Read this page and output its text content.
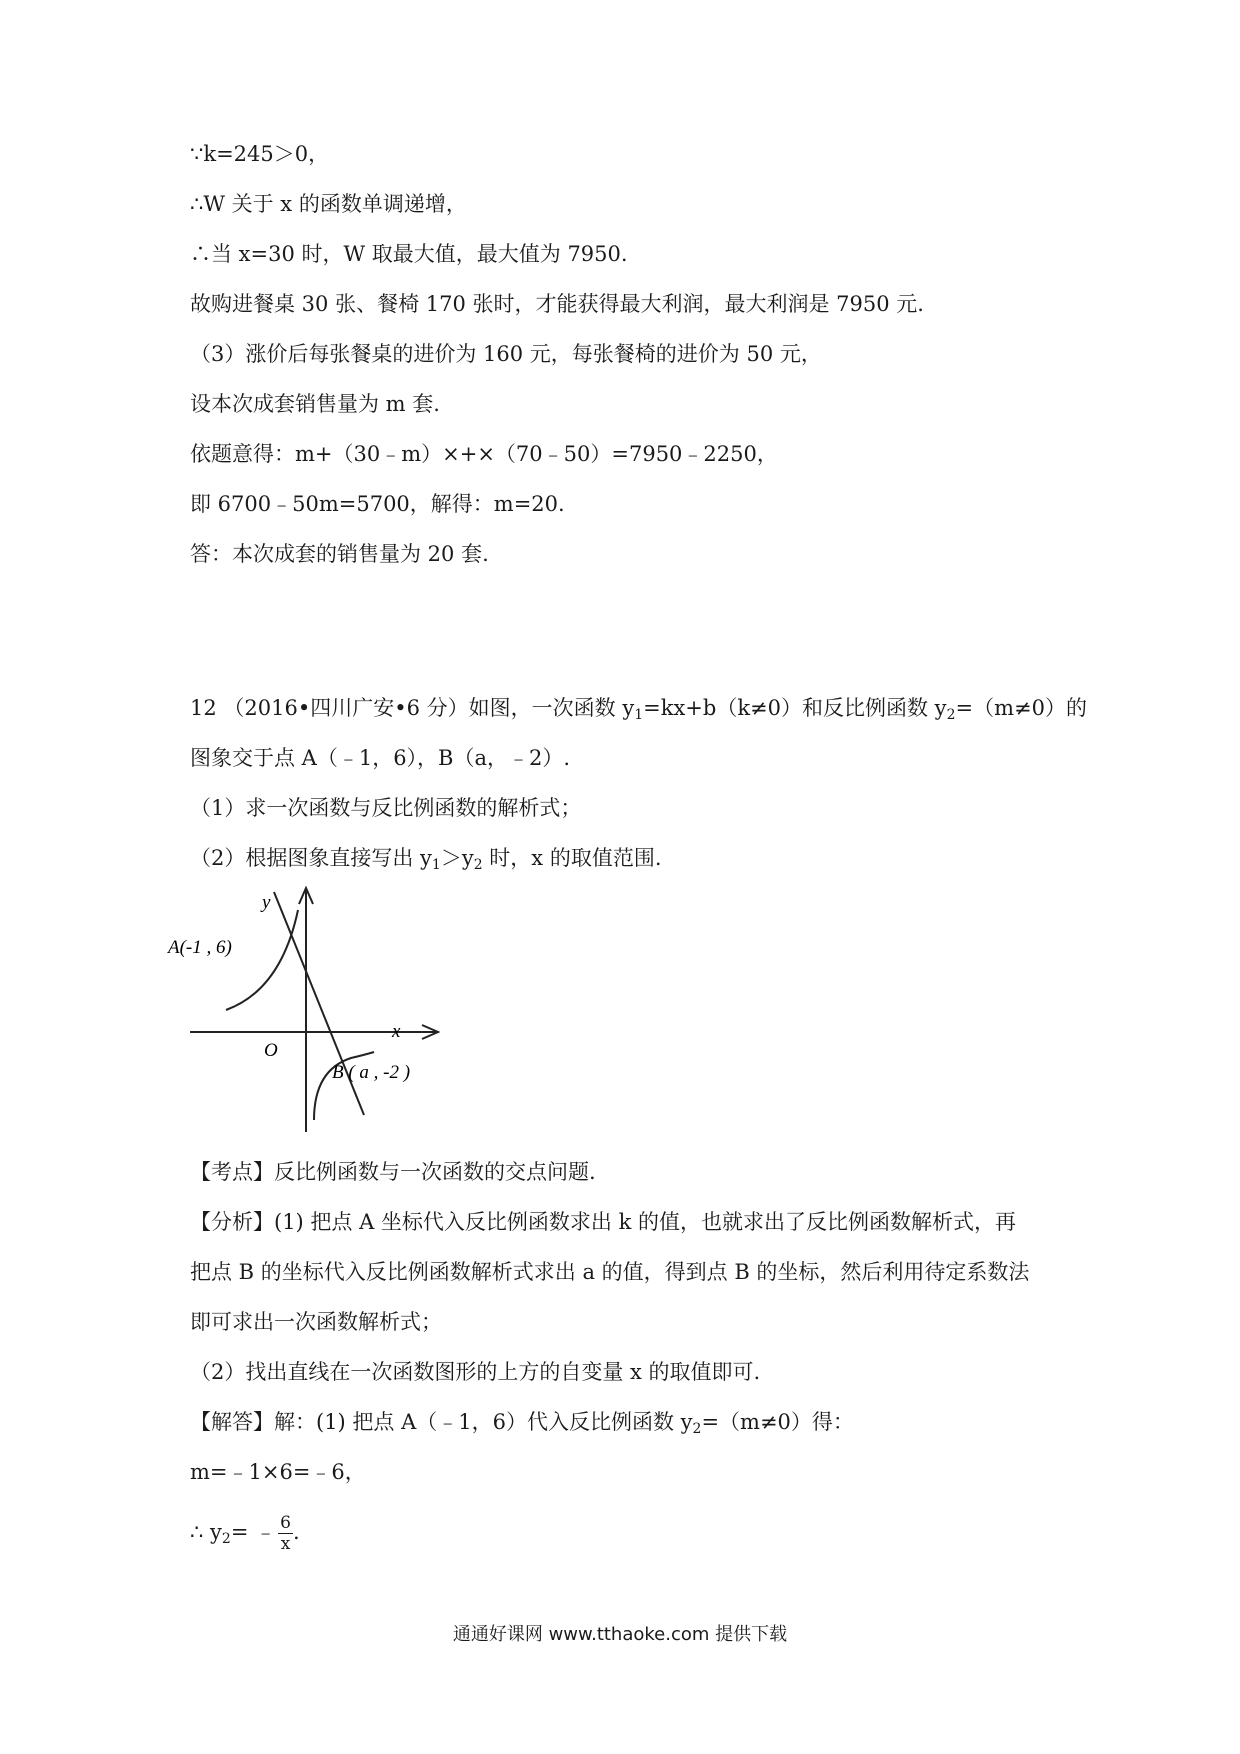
∵k=245＞0，
∴W 关于 x 的函数单调递增，
∴当 x=30 时，W 取最大值，最大值为 7950.
故购进餐桌 30 张、餐椅 170 张时，才能获得最大利润，最大利润是 7950 元.
（3）涨价后每张餐桌的进价为 160 元，每张餐椅的进价为 50 元，
设本次成套销售量为 m 套.
依题意得：m+（30﹣m）×+×（70﹣50）=7950﹣2250，
即 6700﹣50m=5700，解得：m=20.
答：本次成套的销售量为 20 套.
12 （2016•四川广安•6 分）如图，一次函数 $y_1=kx+b(k\ne 0)$和反比例函数 $y_2=(m\ne 0)$的
图象交于点 A（﹣1，6），B（a，﹣2）.
（1）求一次函数与反比例函数的解析式；
（2）根据图象直接写出 $y_1>y_2$ 时，x 的取值范围.
y
x
O
A(-1 , 6)
B ( a , -2 )
【考点】反比例函数与一次函数的交点问题.
【分析】(1) 把点 A 坐标代入反比例函数求出 k 的值，也就求出了反比例函数解析式，再
把点 B 的坐标代入反比例函数解析式求出 a 的值，得到点 B 的坐标，然后利用待定系数法
即可求出一次函数解析式；
（2）找出直线在一次函数图形的上方的自变量 x 的取值即可.
【解答】解：(1) 把点 A（﹣1，6）代入反比例函数 $y_2=(m\ne 0)$得：
m=﹣1×6=﹣6，
∴ $y_2=$ ﹣ $\frac{6}{x}$ .
通通好课网 www.tthaoke.com 提供下载
